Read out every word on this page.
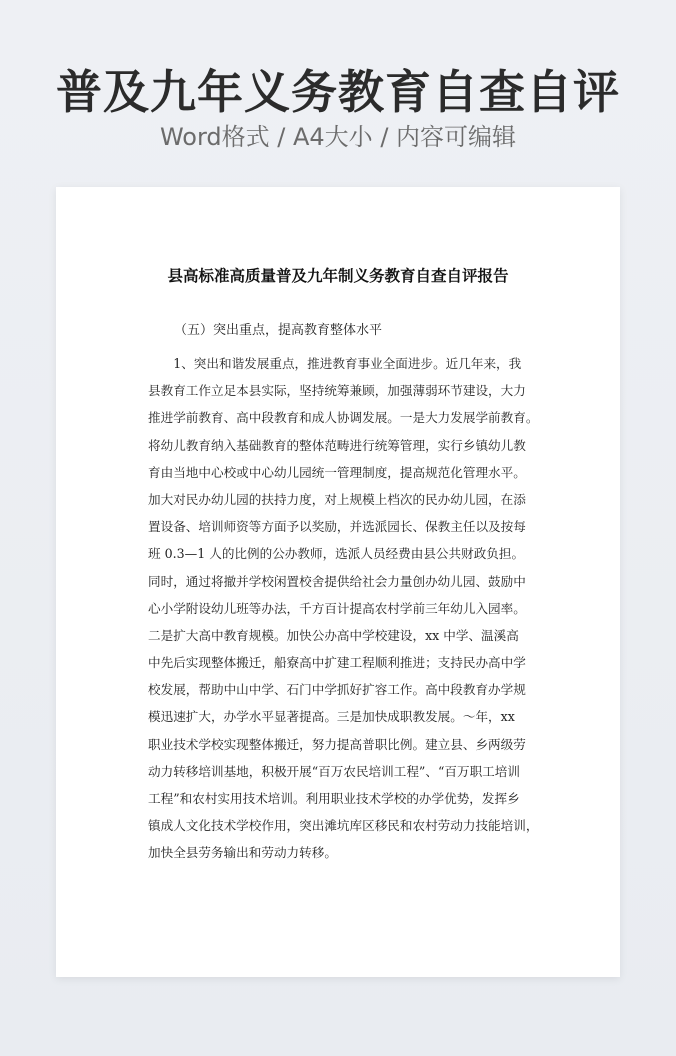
普及九年义务教育自查自评
Word格式 / A4大小 / 内容可编辑
县高标准高质量普及九年制义务教育自查自评报告
（五）突出重点，提高教育整体水平
　　1、突出和谐发展重点，推进教育事业全面进步。近几年来，我
县教育工作立足本县实际，坚持统筹兼顾，加强薄弱环节建设，大力
推进学前教育、高中段教育和成人协调发展。一是大力发展学前教育。
将幼儿教育纳入基础教育的整体范畴进行统筹管理，实行乡镇幼儿教
育由当地中心校或中心幼儿园统一管理制度，提高规范化管理水平。
加大对民办幼儿园的扶持力度，对上规模上档次的民办幼儿园，在添
置设备、培训师资等方面予以奖励，并选派园长、保教主任以及按每
班 0.3—1 人的比例的公办教师，选派人员经费由县公共财政负担。
同时，通过将撤并学校闲置校舍提供给社会力量创办幼儿园、鼓励中
心小学附设幼儿班等办法，千方百计提高农村学前三年幼儿入园率。
二是扩大高中教育规模。加快公办高中学校建设，xx 中学、温溪高
中先后实现整体搬迁，船寮高中扩建工程顺利推进；支持民办高中学
校发展，帮助中山中学、石门中学抓好扩容工作。高中段教育办学规
模迅速扩大，办学水平显著提高。三是加快成职教发展。～年，xx
职业技术学校实现整体搬迁，努力提高普职比例。建立县、乡两级劳
动力转移培训基地，积极开展“百万农民培训工程”、“百万职工培训
工程”和农村实用技术培训。利用职业技术学校的办学优势，发挥乡
镇成人文化技术学校作用，突出滩坑库区移民和农村劳动力技能培训，
加快全县劳务输出和劳动力转移。
